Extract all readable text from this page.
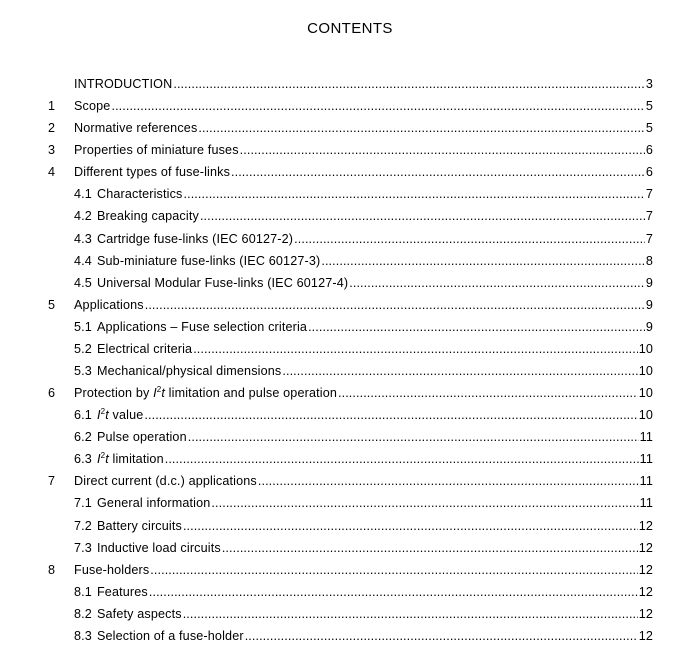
CONTENTS
INTRODUCTION .....	3
1	Scope .....	5
2	Normative references .....	5
3	Properties of miniature fuses .....	6
4	Different types of fuse-links .....	6
4.1 Characteristics .....	7
4.2 Breaking capacity .....	7
4.3 Cartridge fuse-links (IEC 60127-2) .....	7
4.4 Sub-miniature fuse-links (IEC 60127-3) .....	8
4.5 Universal Modular Fuse-links (IEC 60127-4) .....	9
5	Applications .....	9
5.1 Applications – Fuse selection criteria .....	9
5.2 Electrical criteria .....	10
5.3 Mechanical/physical dimensions .....	10
6	Protection by $I^2t$ limitation and pulse operation .....	10
6.1 $I^2t$ value .....	10
6.2 Pulse operation .....	11
6.3 $I^2t$ limitation .....	11
7	Direct current (d.c.) applications .....	11
7.1 General information .....	11
7.2 Battery circuits .....	12
7.3 Inductive load circuits .....	12
8	Fuse-holders .....	12
8.1 Features .....	12
8.2 Safety aspects .....	12
8.3 Selection of a fuse-holder .....	12
